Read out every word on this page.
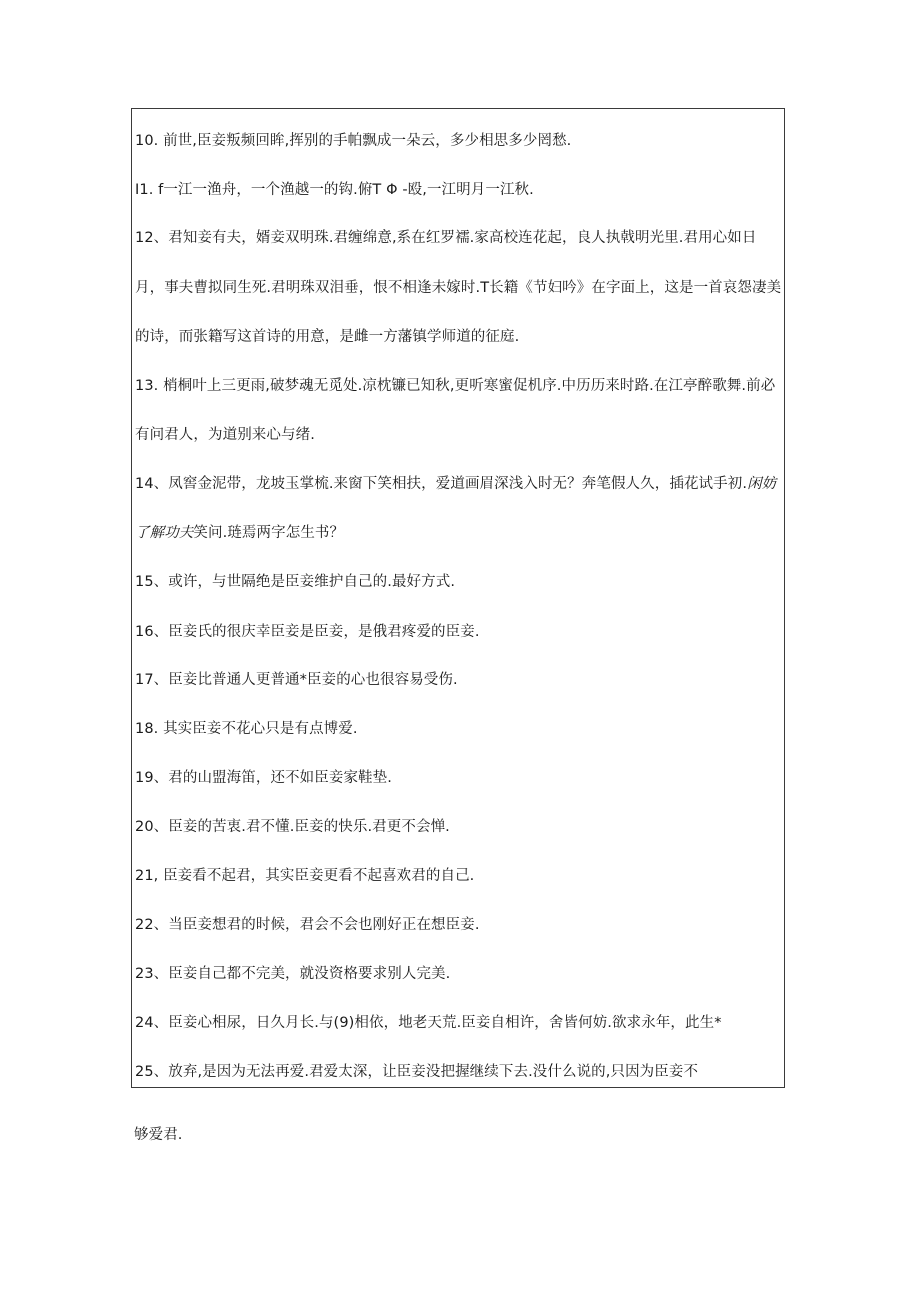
10. 前世,臣妾叛频回眸,挥别的手帕飘成一朵云，多少相思多少罔愁.
I1. f一江一渔舟，一个渔越一的钩.俯T Φ -殴,一江明月一江秋.
12、君知妾有夫，婿妾双明珠.君缠绵意,系在红罗襦.家高校连花起，良人执戟明光里.君用心如日
月，事夫曹拟同生死.君明珠双泪垂，恨不相逢未嫁时.T长籍《节妇吟》在字面上，这是一首哀怨凄美
的诗，而张籍写这首诗的用意，是雌一方藩镇学师道的征庭.
13. 梢桐叶上三更雨,破梦魂无觅处.凉枕镰已知秋,更听寒蜜促机序.中历历来时路.在江亭醉歌舞.前必
有问君人，为道别来心与绪.
14、凤窖金泥带，龙坡玉掌梳.来窗下笑相扶，爱道画眉深浅入时无？奔笔假人久，插花试手初.闲妨
了解功夫笑问.琏焉两字怎生书？
15、或许，与世隔绝是臣妾维护自己的.最好方式.
16、臣妾氏的很庆幸臣妾是臣妾，是俄君疼爱的臣妾.
17、臣妾比普通人更普通*臣妾的心也很容易受伤.
18. 其实臣妾不花心只是有点博爱.
19、君的山盟海笛，还不如臣妾家鞋垫.
20、臣妾的苦衷.君不懂.臣妾的快乐.君更不会惮.
21, 臣妾看不起君，其实臣妾更看不起喜欢君的自己.
22、当臣妾想君的时候，君会不会也刚好正在想臣妾.
23、臣妾自己都不完美，就没资格要求别人完美.
24、臣妾心相尿，日久月长.与(9)相依，地老天荒.臣妾自相许，舍皆何妨.欲求永年，此生*
25、放弃,是因为无法再爱.君爱太深，让臣妾没把握继续下去.没什么说的,只因为臣妾不
够爱君.
